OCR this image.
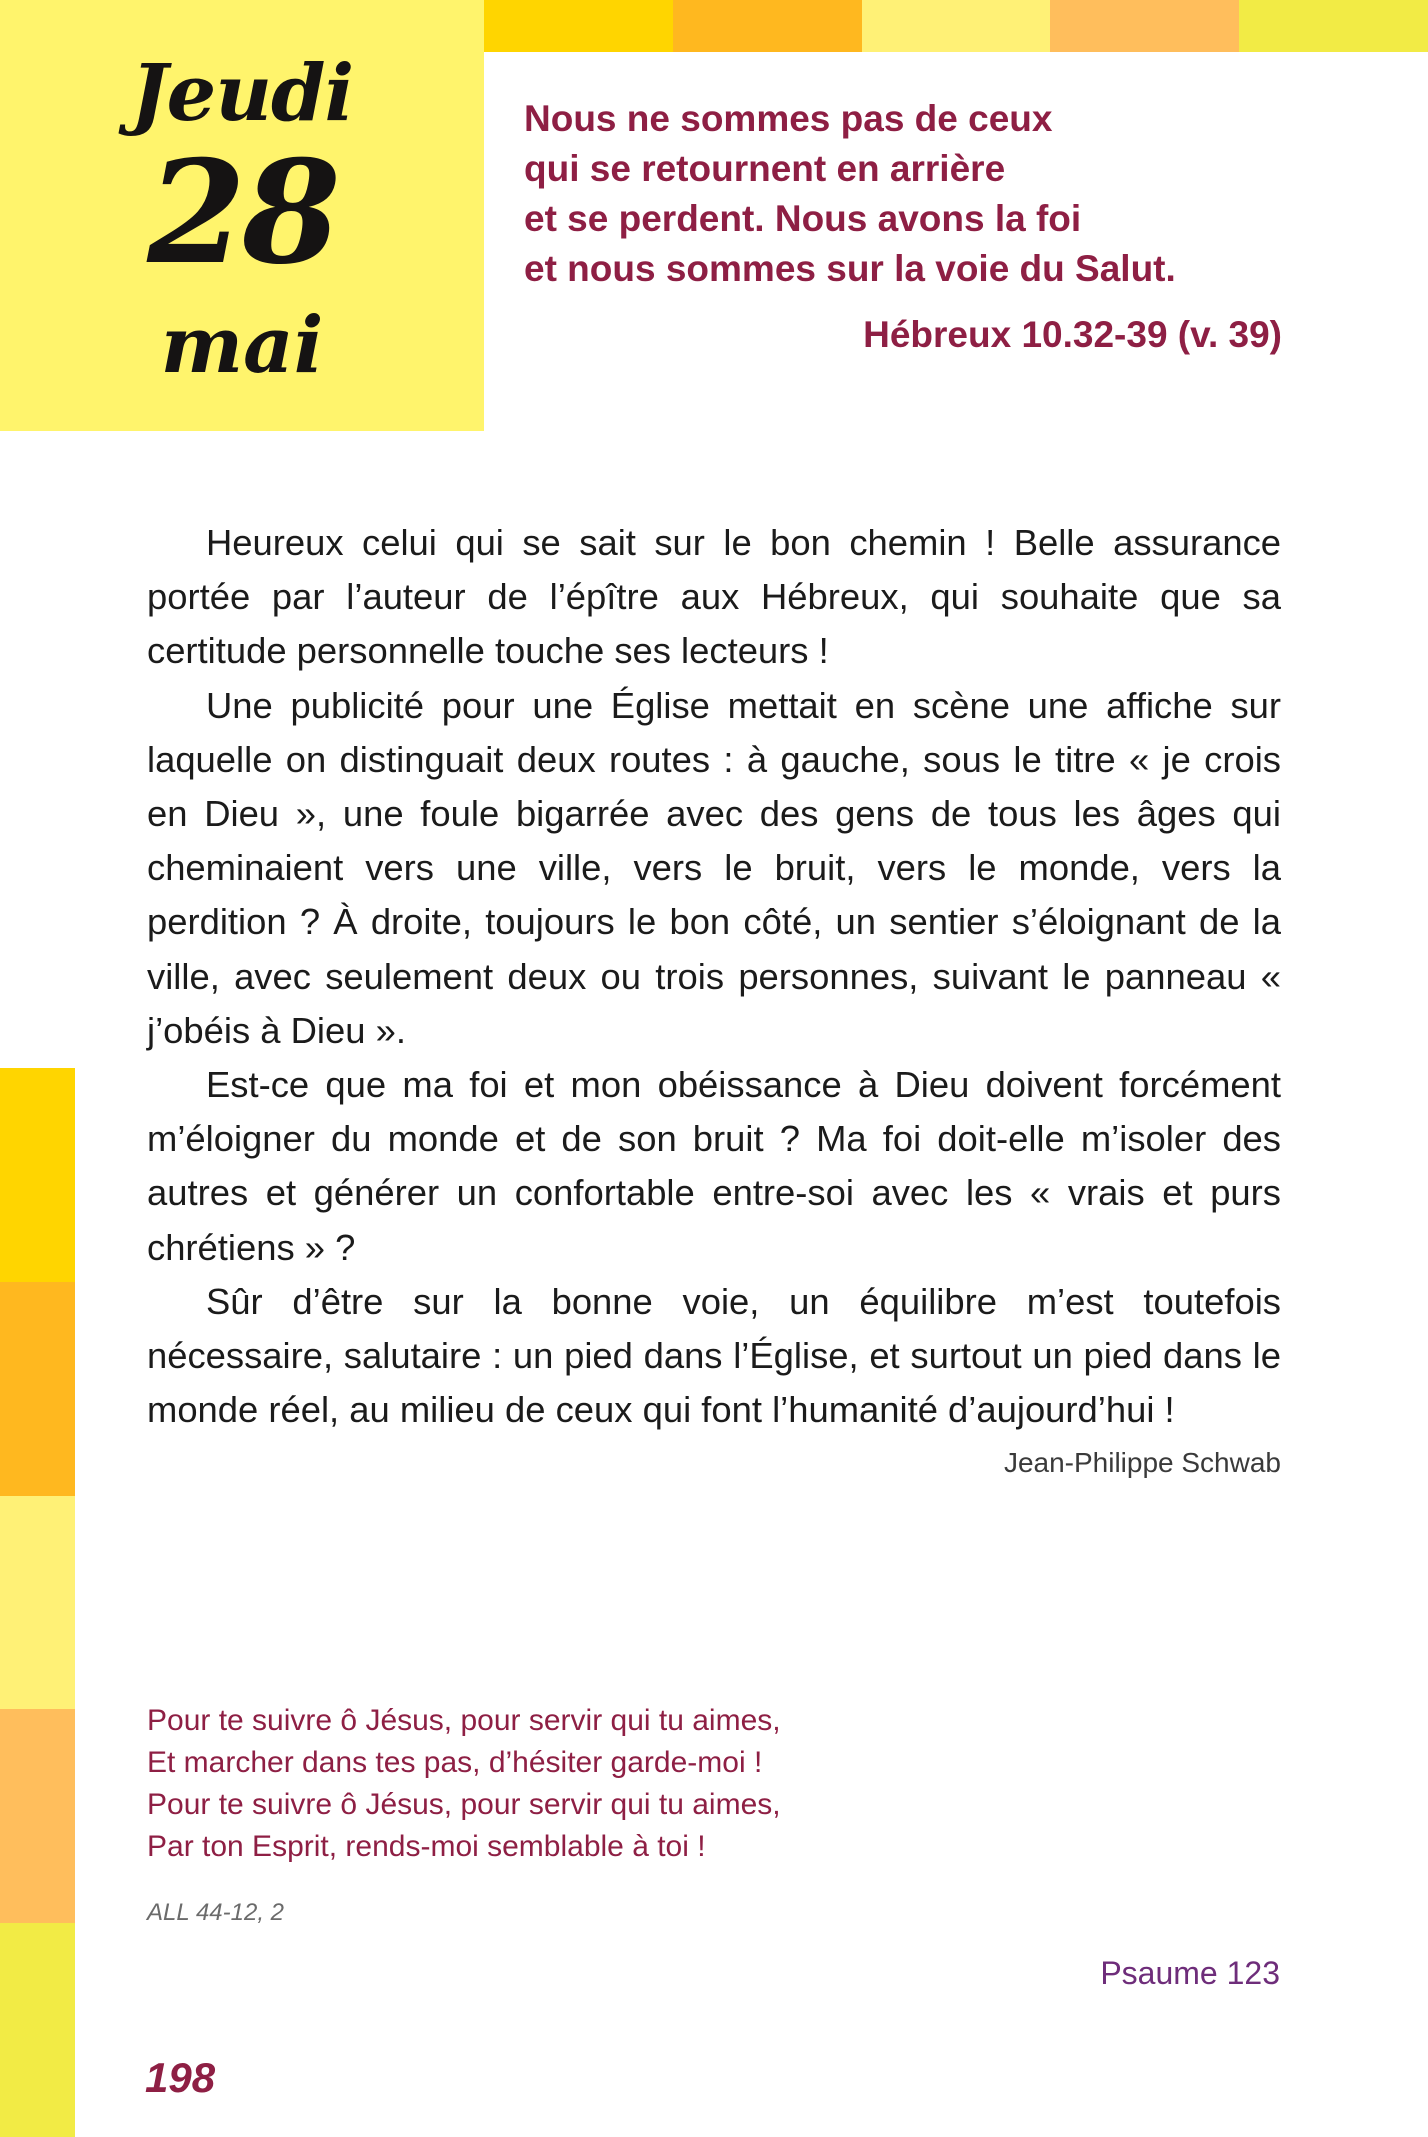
Jeudi
28
mai
Nous ne sommes pas de ceux
qui se retournent en arrière
et se perdent. Nous avons la foi
et nous sommes sur la voie du Salut.
Hébreux 10.32-39 (v. 39)

Heureux celui qui se sait sur le bon chemin ! Belle assurance portée par l’auteur de l’épître aux Hébreux, qui souhaite que sa certitude personnelle touche ses lecteurs !

Une publicité pour une Église mettait en scène une affiche sur laquelle on distinguait deux routes : à gauche, sous le titre « je crois en Dieu », une foule bigarrée avec des gens de tous les âges qui cheminaient vers une ville, vers le bruit, vers le monde, vers la perdition ? À droite, toujours le bon côté, un sentier s’éloignant de la ville, avec seulement deux ou trois personnes, suivant le panneau « j’obéis à Dieu ».

Est-ce que ma foi et mon obéissance à Dieu doivent forcément m’éloigner du monde et de son bruit ? Ma foi doit-elle m’isoler des autres et générer un confortable entre-soi avec les « vrais et purs chrétiens » ?

Sûr d’être sur la bonne voie, un équilibre m’est toutefois nécessaire, salutaire : un pied dans l’Église, et surtout un pied dans le monde réel, au milieu de ceux qui font l’humanité d’aujourd’hui !

Jean-Philippe Schwab
Pour te suivre ô Jésus, pour servir qui tu aimes,
Et marcher dans tes pas, d’hésiter garde-moi !
Pour te suivre ô Jésus, pour servir qui tu aimes,
Par ton Esprit, rends-moi semblable à toi !
ALL 44-12, 2
Psaume 123
198
